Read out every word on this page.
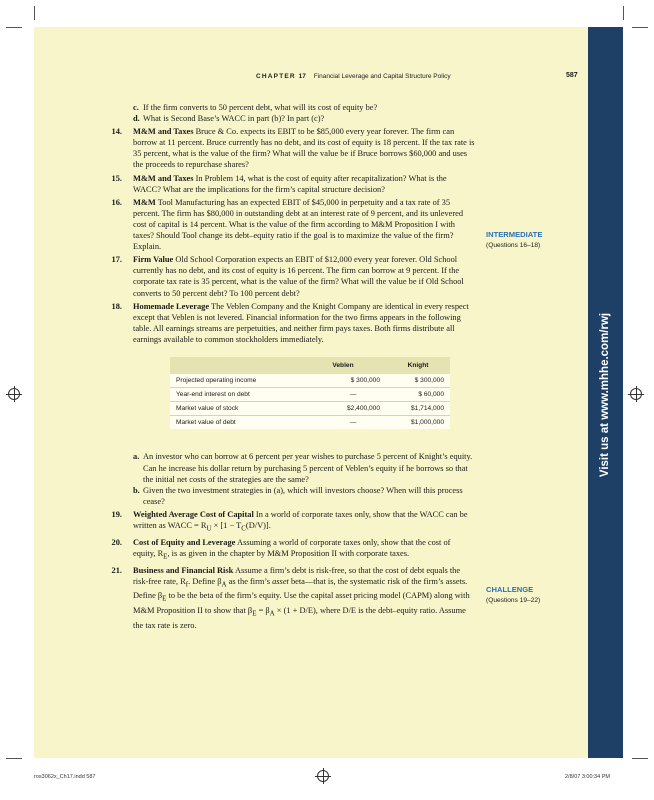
Visit us at www.mhhe.com/rwj
CHAPTER 17 Financial Leverage and Capital Structure Policy	587
INTERMEDIATE
(Questions 16–18)
CHALLENGE
(Questions 19–22)
c. If the firm converts to 50 percent debt, what will its cost of equity be?
d. What is Second Base’s WACC in part (b)? In part (c)?
14. M&M and Taxes Bruce & Co. expects its EBIT to be $85,000 every year forever. The firm can borrow at 11 percent. Bruce currently has no debt, and its cost of equity is 18 percent. If the tax rate is 35 percent, what is the value of the firm? What will the value be if Bruce borrows $60,000 and uses the proceeds to repurchase shares?
15. M&M and Taxes In Problem 14, what is the cost of equity after recapitalization? What is the WACC? What are the implications for the firm’s capital structure decision?
16. M&M Tool Manufacturing has an expected EBIT of $45,000 in perpetuity and a tax rate of 35 percent. The firm has $80,000 in outstanding debt at an interest rate of 9 percent, and its unlevered cost of capital is 14 percent. What is the value of the firm according to M&M Proposition I with taxes? Should Tool change its debt–equity ratio if the goal is to maximize the value of the firm? Explain.
17. Firm Value Old School Corporation expects an EBIT of $12,000 every year forever. Old School currently has no debt, and its cost of equity is 16 percent. The firm can borrow at 9 percent. If the corporate tax rate is 35 percent, what is the value of the firm? What will the value be if Old School converts to 50 percent debt? To 100 percent debt?
18. Homemade Leverage The Veblen Company and the Knight Company are identical in every respect except that Veblen is not levered. Financial information for the two firms appears in the following table. All earnings streams are perpetuities, and neither firm pays taxes. Both firms distribute all earnings available to common stockholders immediately.
	Veblen	Knight
Projected operating income	$ 300,000	$ 300,000
Year-end interest on debt	—	$ 60,000
Market value of stock	$2,400,000	$1,714,000
Market value of debt	—	$1,000,000
a. An investor who can borrow at 6 percent per year wishes to purchase 5 percent of Knight’s equity. Can he increase his dollar return by purchasing 5 percent of Veblen’s equity if he borrows so that the initial net costs of the strategies are the same?
b. Given the two investment strategies in (a), which will investors choose? When will this process cease?
19. Weighted Average Cost of Capital In a world of corporate taxes only, show that the WACC can be written as WACC = $R_U \times [1 - T_C(D/V)]$.
20. Cost of Equity and Leverage Assuming a world of corporate taxes only, show that the cost of equity, $R_E$, is as given in the chapter by M&M Proposition II with corporate taxes.
21. Business and Financial Risk Assume a firm’s debt is risk-free, so that the cost of debt equals the risk-free rate, $R_f$. Define $\beta_A$ as the firm’s asset beta—that is, the systematic risk of the firm’s assets. Define $\beta_E$ to be the beta of the firm’s equity. Use the capital asset pricing model (CAPM) along with M&M Proposition II to show that $\beta_E = \beta_A \times (1 + D/E)$, where D/E is the debt–equity ratio. Assume the tax rate is zero.
ros3062x_Ch17.indd 587	2/8/07 3:00:34 PM
